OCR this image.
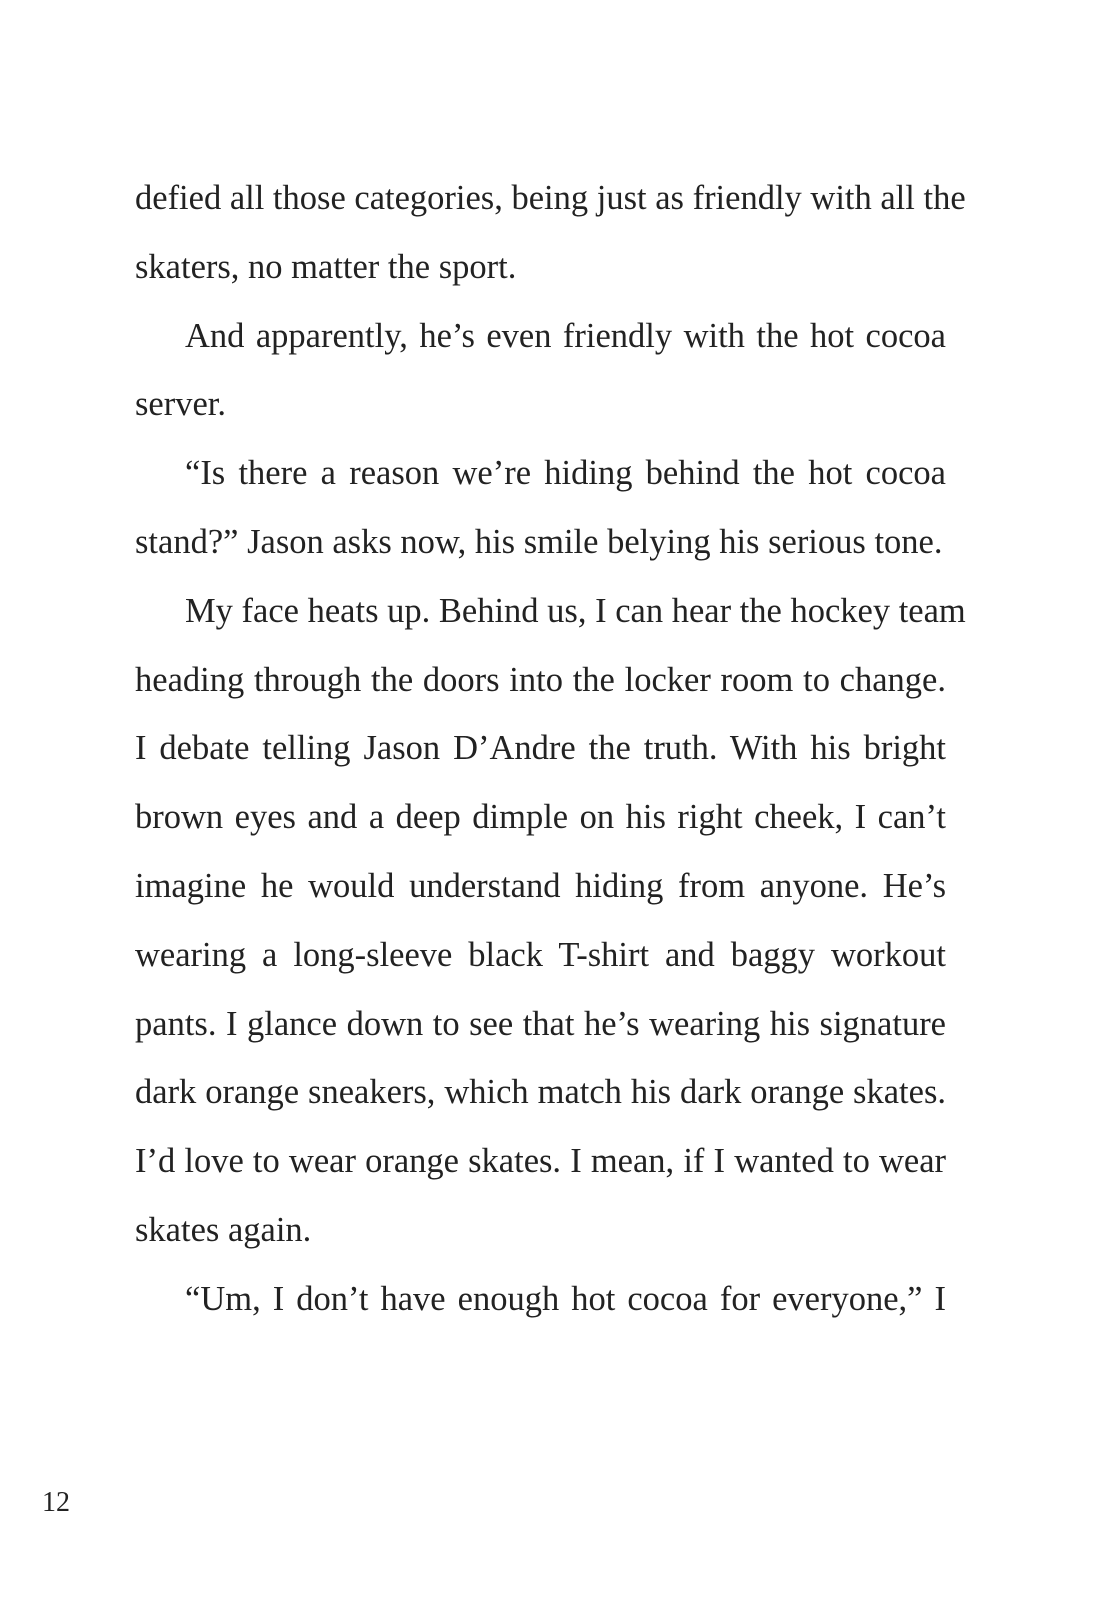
defied all those categories, being just as friendly with all the
skaters, no matter the sport.
And apparently, he’s even friendly with the hot cocoa
server.
“Is there a reason we’re hiding behind the hot cocoa
stand?” Jason asks now, his smile belying his serious tone.
My face heats up. Behind us, I can hear the hockey team
heading through the doors into the locker room to change.
I debate telling Jason D’Andre the truth. With his bright
brown eyes and a deep dimple on his right cheek, I can’t
imagine he would understand hiding from anyone. He’s
wearing a long-sleeve black T-shirt and baggy workout
pants. I glance down to see that he’s wearing his signature
dark orange sneakers, which match his dark orange skates.
I’d love to wear orange skates. I mean, if I wanted to wear
skates again.
“Um, I don’t have enough hot cocoa for everyone,” I
12
